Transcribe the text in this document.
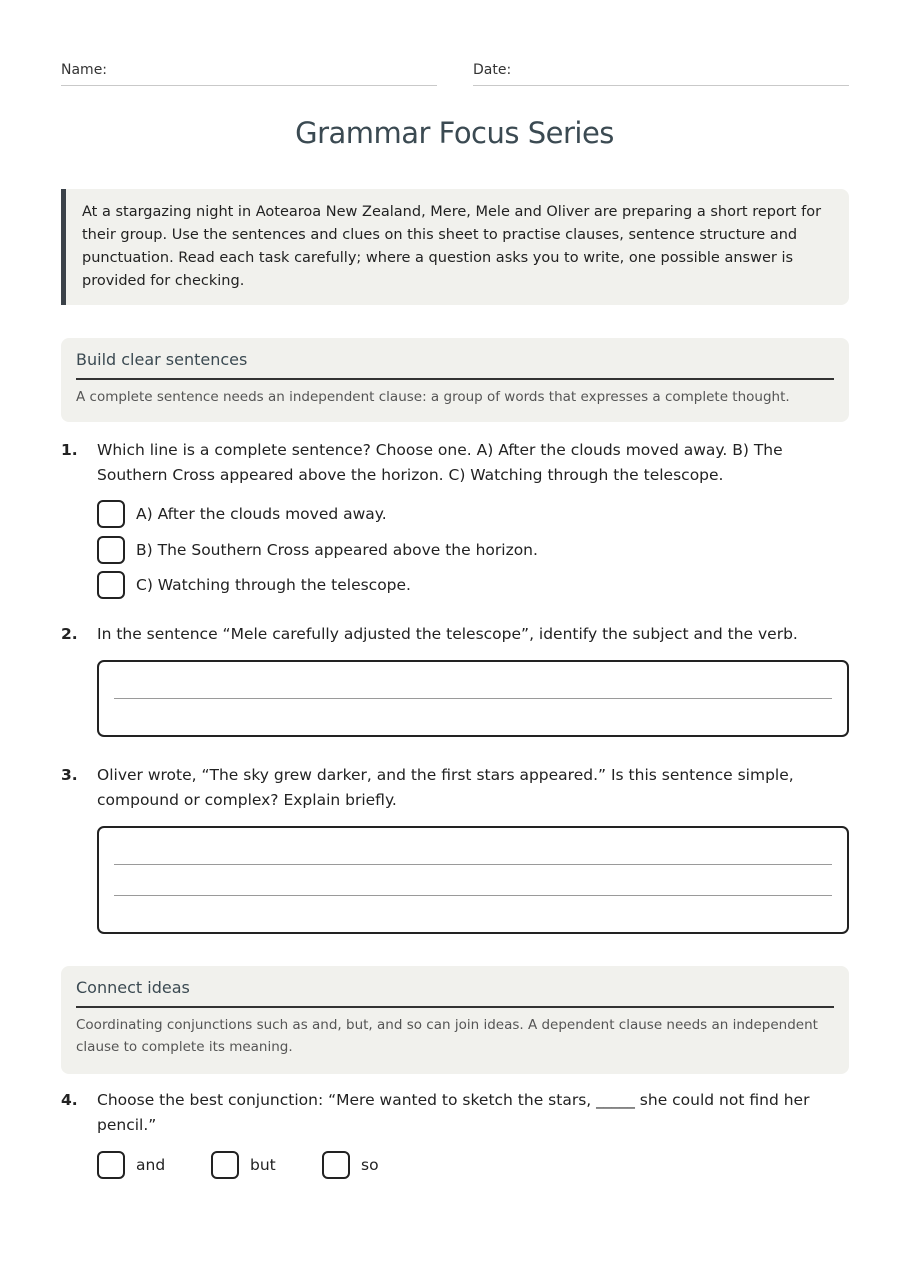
Name:	Date:
Grammar Focus Series
At a stargazing night in Aotearoa New Zealand, Mere, Mele and Oliver are preparing a short report for their group. Use the sentences and clues on this sheet to practise clauses, sentence structure and punctuation. Read each task carefully; where a question asks you to write, one possible answer is provided for checking.
Build clear sentences
A complete sentence needs an independent clause: a group of words that expresses a complete thought.
1. Which line is a complete sentence? Choose one. A) After the clouds moved away. B) The Southern Cross appeared above the horizon. C) Watching through the telescope.
A) After the clouds moved away.
B) The Southern Cross appeared above the horizon.
C) Watching through the telescope.
2. In the sentence “Mele carefully adjusted the telescope”, identify the subject and the verb.
3. Oliver wrote, “The sky grew darker, and the first stars appeared.” Is this sentence simple, compound or complex? Explain briefly.
Connect ideas
Coordinating conjunctions such as and, but, and so can join ideas. A dependent clause needs an independent clause to complete its meaning.
4. Choose the best conjunction: “Mere wanted to sketch the stars, _____ she could not find her pencil.”
and	but	so
